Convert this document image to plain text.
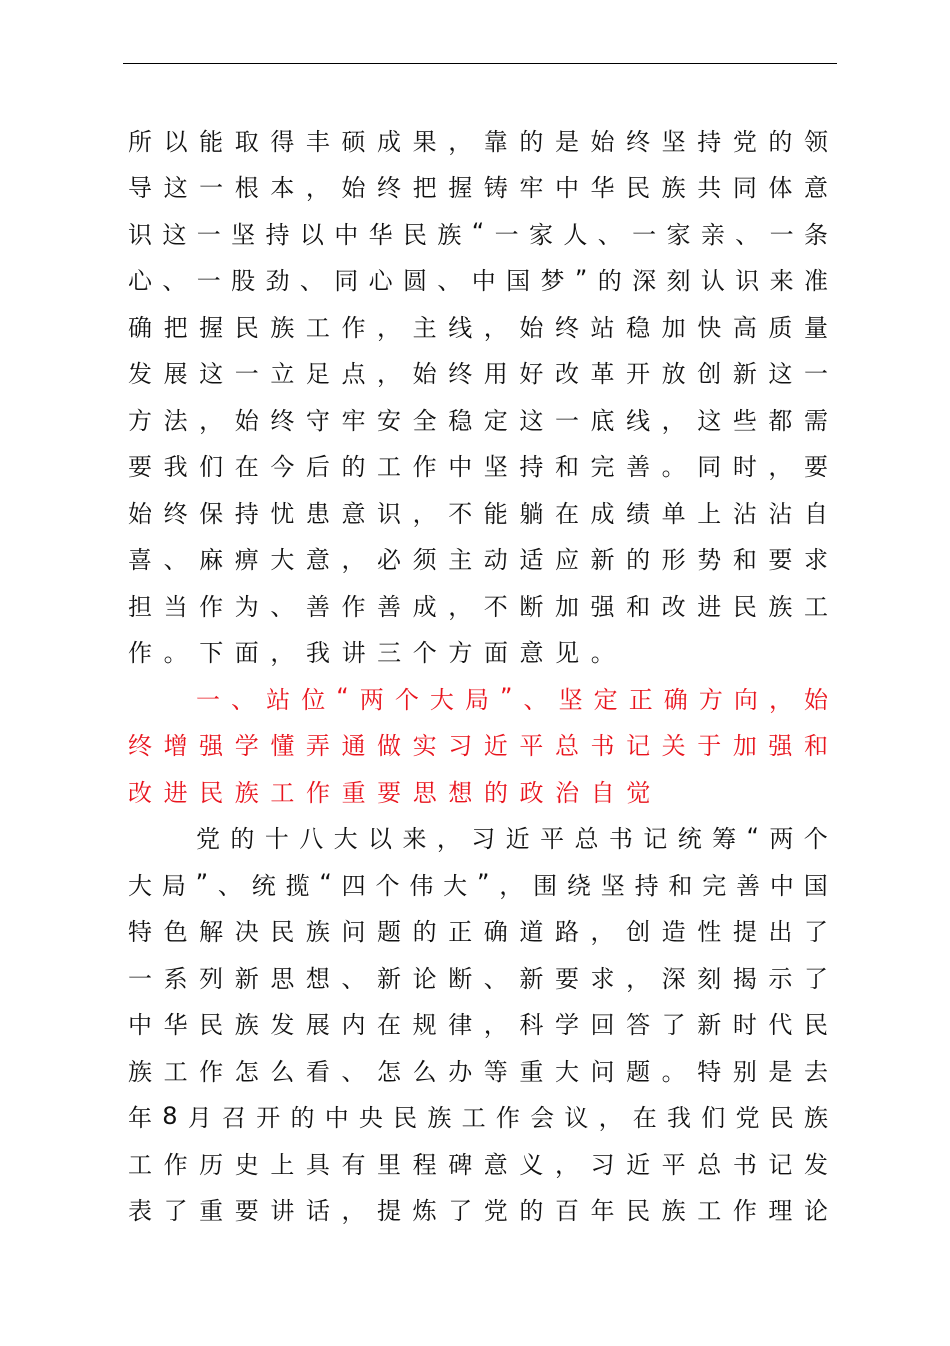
所 以 能 取 得 丰 硕 成 果 ， 靠 的 是 始 终 坚 持 党 的 领
导 这 一 根 本 ， 始 终 把 握 铸 牢 中 华 民 族 共 同 体 意
识 这 一 坚 持 以 中 华 民 族 “ 一 家 人 、 一 家 亲 、 一 条
心 、 一 股 劲 、 同 心 圆 、 中 国 梦 ” 的 深 刻 认 识 来 准
确 把 握 民 族 工 作 ， 主 线 ， 始 终 站 稳 加 快 高 质 量
发 展 这 一 立 足 点 ， 始 终 用 好 改 革 开 放 创 新 这 一
方 法 ， 始 终 守 牢 安 全 稳 定 这 一 底 线 ， 这 些 都 需
要 我 们 在 今 后 的 工 作 中 坚 持 和 完 善 。 同 时 ， 要
始 终 保 持 忧 患 意 识 ， 不 能 躺 在 成 绩 单 上 沾 沾 自
喜 、 麻 痹 大 意 ， 必 须 主 动 适 应 新 的 形 势 和 要 求
担 当 作 为 、 善 作 善 成 ， 不 断 加 强 和 改 进 民 族 工
作 。 下 面 ， 我 讲 三 个 方 面 意 见 。
一 、 站 位 “ 两 个 大 局 ” 、 坚 定 正 确 方 向 ， 始
终 增 强 学 懂 弄 通 做 实 习 近 平 总 书 记 关 于 加 强 和
改 进 民 族 工 作 重 要 思 想 的 政 治 自 觉
党 的 十 八 大 以 来 ， 习 近 平 总 书 记 统 筹 “ 两 个
大 局 ” 、 统 揽 “ 四 个 伟 大 ” ， 围 绕 坚 持 和 完 善 中 国
特 色 解 决 民 族 问 题 的 正 确 道 路 ， 创 造 性 提 出 了
一 系 列 新 思 想 、 新 论 断 、 新 要 求 ， 深 刻 揭 示 了
中 华 民 族 发 展 内 在 规 律 ， 科 学 回 答 了 新 时 代 民
族 工 作 怎 么 看 、 怎 么 办 等 重 大 问 题 。 特 别 是 去
年 8 月 召 开 的 中 央 民 族 工 作 会 议 ， 在 我 们 党 民 族
工 作 历 史 上 具 有 里 程 碑 意 义 ， 习 近 平 总 书 记 发
表 了 重 要 讲 话 ， 提 炼 了 党 的 百 年 民 族 工 作 理 论
